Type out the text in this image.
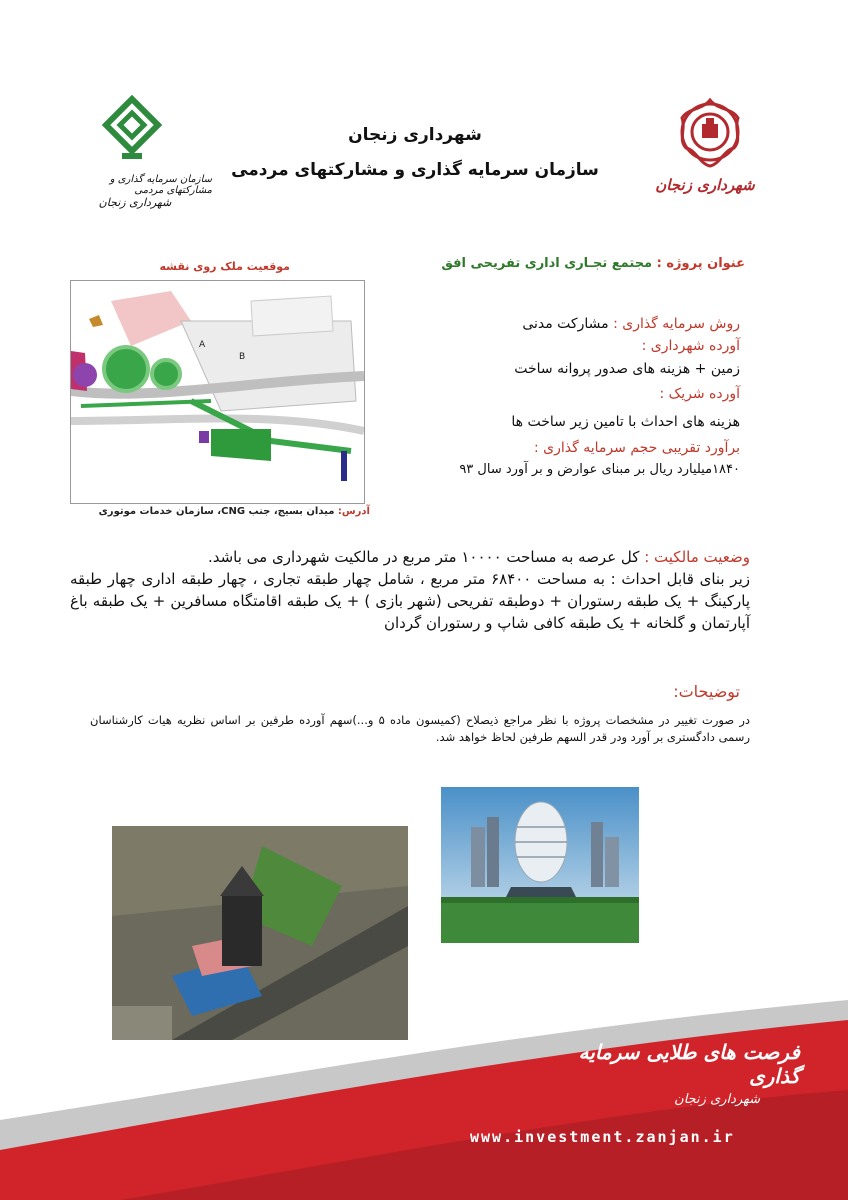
شهرداری زنجان
سازمان سرمایه گذاری و مشارکتهای مردمی
سازمان سرمایه گذاری و مشارکتهای مردمی
شهرداری زنجان
شهرداری زنجان
عنوان پروژه : مجتمع تجـاری اداری تفریحی افق
موقعیت ملک روی نقشه
A
B
آدرس: میدان بسیج، جنب CNG، سازمان خدمات موتوری
روش سرمایه گذاری : مشارکت مدنی
آورده شهرداری :
زمین + هزینه های صدور پروانه ساخت
آورده شریک :
هزینه های احداث با تامین زیر ساخت ها
برآورد تقریبی حجم سرمایه گذاری :
۱۸۴۰میلیارد ریال بر مبنای عوارض و بر آورد سال ۹۳
وضعیت مالکیت : کل عرصه به مساحت ۱۰۰۰۰ متر مربع در مالکیت شهرداری می باشد.
زیر بنای قابل احداث : به مساحت ۶۸۴۰۰ متر مربع ، شامل چهار طبقه تجاری ، چهار طبقه اداری چهار طبقه پارکینگ + یک طبقه رستوران + دوطبقه تفریحی (شهر بازی ) + یک طبقه اقامتگاه مسافرین + یک طبقه باغ آپارتمان و گلخانه + یک طبقه کافی شاپ و رستوران گردان
توضیحات:
در صورت تغییر در مشخصات پروژه با نظر مراجع ذیصلاح (کمیسون ماده ۵ و...)سهم آورده طرفین بر اساس نظریه هیات کارشناسان رسمی دادگستری بر آورد ودر قدر السهم طرفین لحاظ خواهد شد.
فرصت های طلایی سرمایه گذاری
شهرداری زنجان
www.investment.zanjan.ir
